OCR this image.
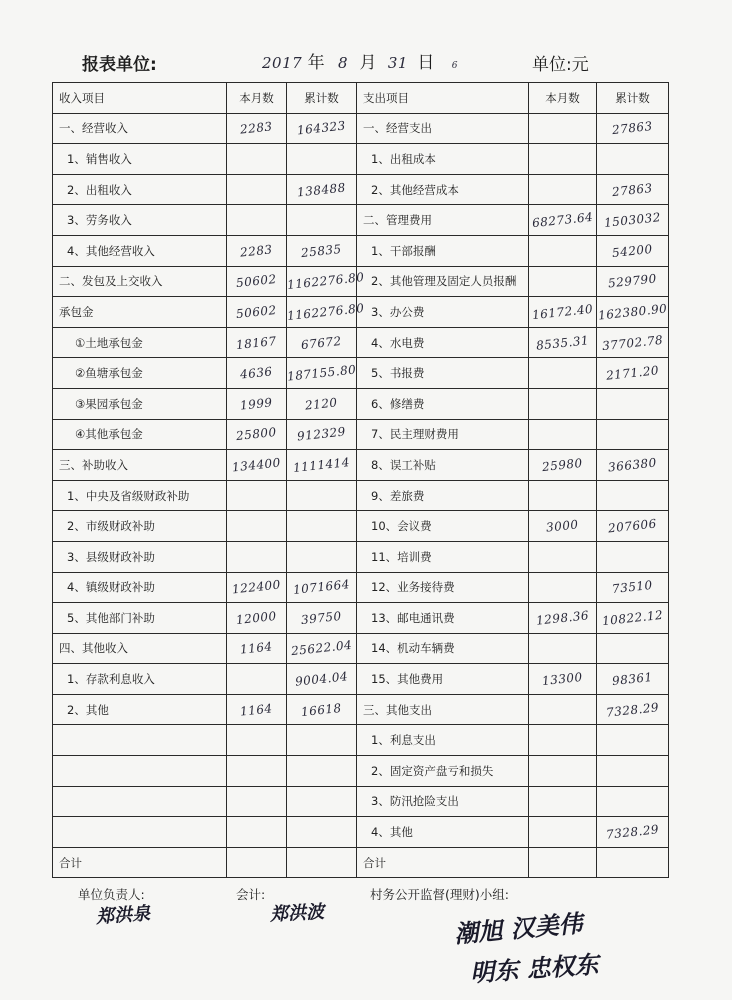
报表单位:	2017 年 8 月 31 日 6	单位:元
收入项目	本月数	累计数	支出项目	本月数	累计数
一、经营收入	2283	164323	一、经营支出		27863
1、销售收入			1、出租成本		
2、出租收入		138488	2、其他经营成本		27863
3、劳务收入			二、管理费用	68273.64	1503032
4、其他经营收入	2283	25835	1、干部报酬		54200
二、发包及上交收入	50602	1162276.80	2、其他管理及固定人员报酬		529790
承包金	50602	1162276.80	3、办公费	16172.40	162380.90
①土地承包金	18167	67672	4、水电费	8535.31	37702.78
②鱼塘承包金	4636	187155.80	5、书报费		2171.20
③果园承包金	1999	2120	6、修缮费		
④其他承包金	25800	912329	7、民主理财费用		
三、补助收入	134400	1111414	8、误工补贴	25980	366380
1、中央及省级财政补助			9、差旅费		
2、市级财政补助			10、会议费	3000	207606
3、县级财政补助			11、培训费		
4、镇级财政补助	122400	1071664	12、业务接待费		73510
5、其他部门补助	12000	39750	13、邮电通讯费	1298.36	10822.12
四、其他收入	1164	25622.04	14、机动车辆费		
1、存款利息收入		9004.04	15、其他费用	13300	98361
2、其他	1164	16618	三、其他支出		7328.29
			1、利息支出		
			2、固定资产盘亏和损失		
			3、防汛抢险支出		
			4、其他		7328.29
合计			合计		
单位负责人:
郑洪泉
会计:
郑洪波
村务公开监督(理财)小组:
潮旭 汉美伟
明东 忠权东
